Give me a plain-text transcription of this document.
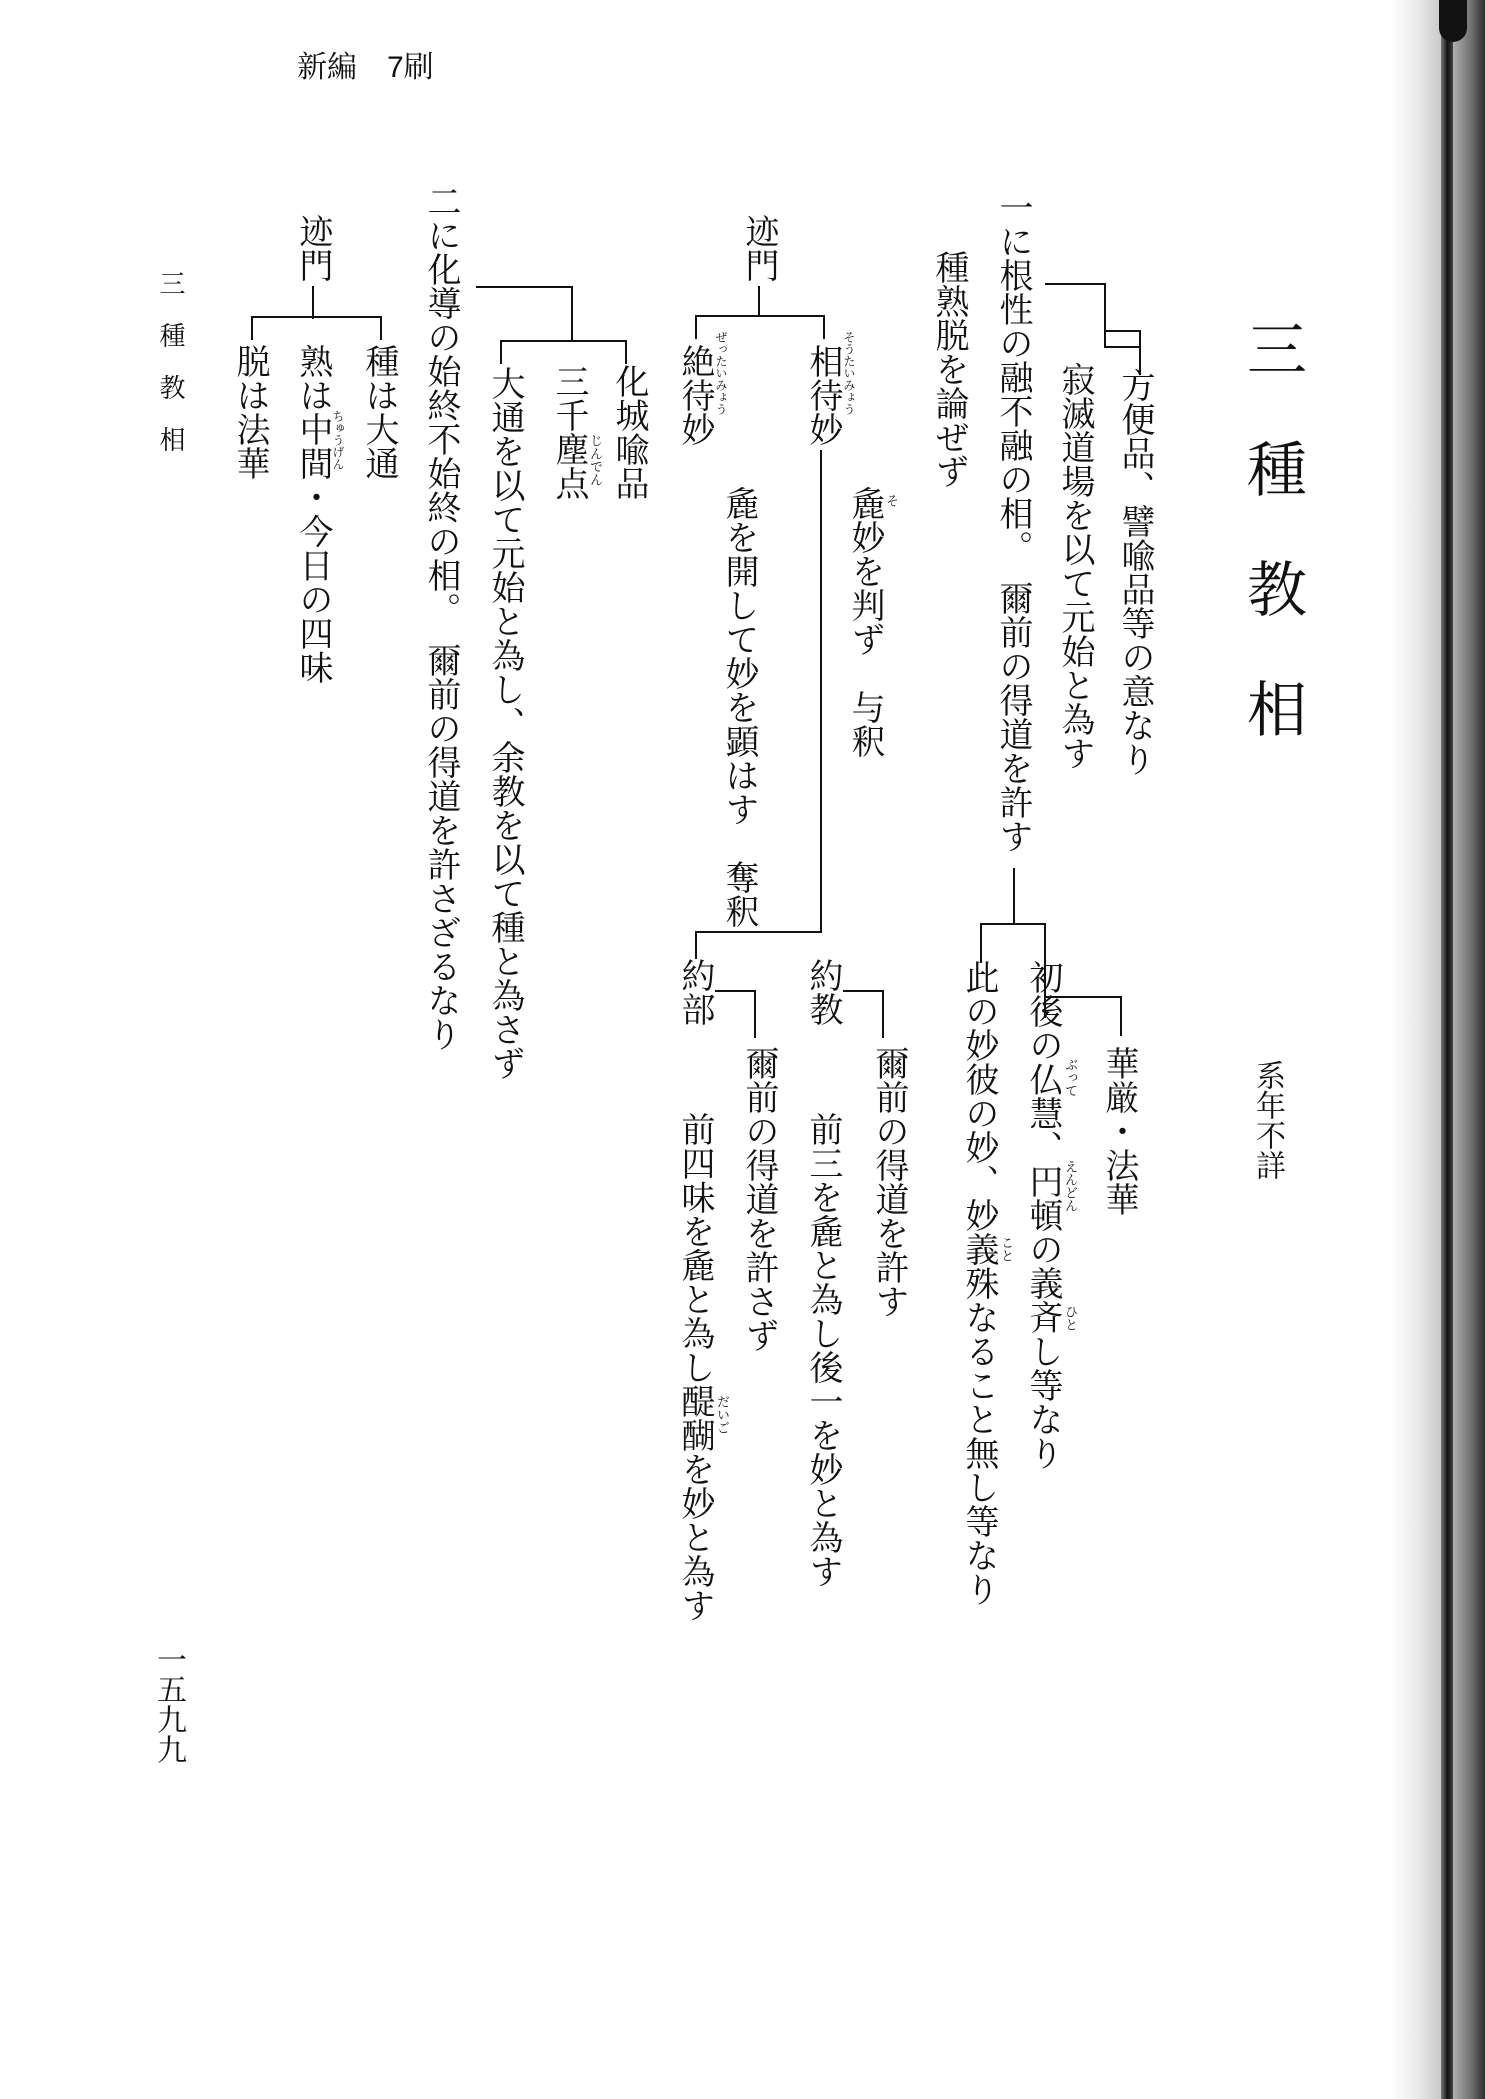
新編　7刷
三　種　教　相
系年不詳
三　種　教　相
一五九九
一に根性の融不融の相。　爾前の得道を許す
種熟脱を論ぜず	方便品、譬喩品等の意なり
寂滅道場を以て元始と為す
華厳・法華
初後の仏慧、円頓の義斉し等なり
此の妙彼の妙、妙義殊なること無し等なり	ぶって
えんどん
ひと
こと
迹門
相待妙
絶待妙	そうたいみょう
ぜったいみょう
麁妙を判ず　与釈
そ
麁を開して妙を顕はす　奪釈
約教
約部
爾前の得道を許す
前三を麁と為し後一を妙と為す
爾前の得道を許さず
前四味を麁と為し醍醐を妙と為す だいご
二に化導の始終不始終の相。　爾前の得道を許さざるなり	化城喩品
三千塵点
じんでん
大通を以て元始と為し、余教を以て種と為さず
迹門
種は大通
熟は中間・今日の四味
ちゅうげん
脱は法華
